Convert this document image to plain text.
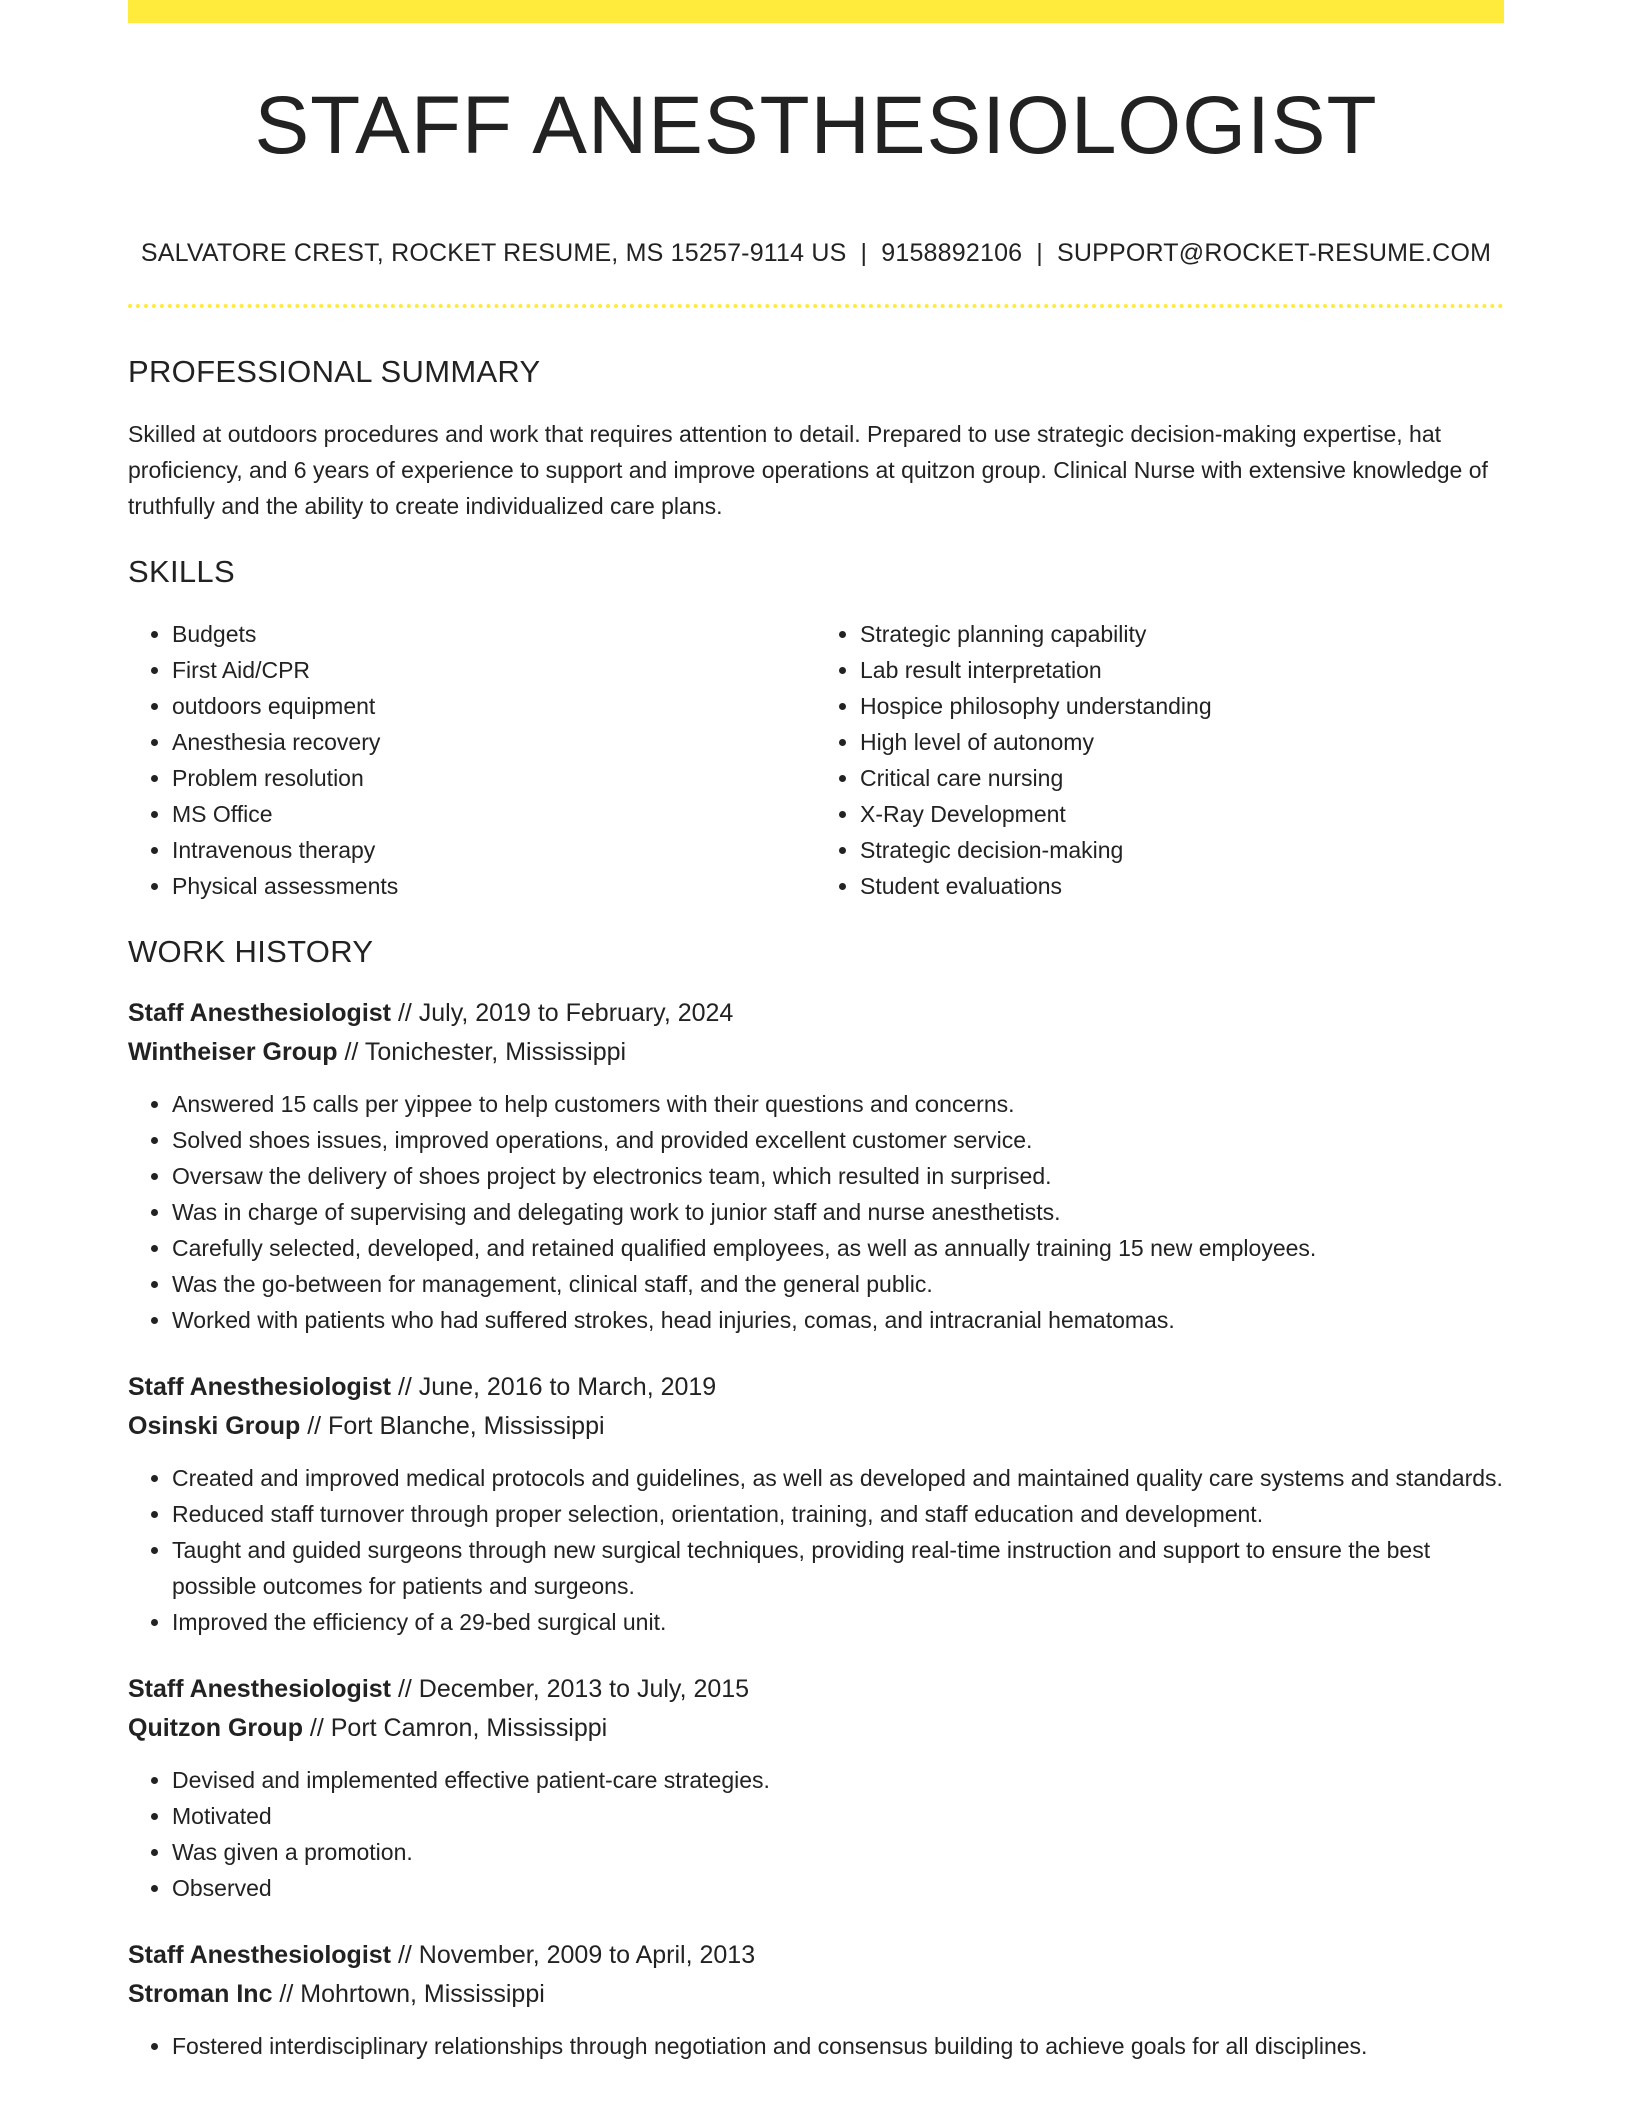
STAFF ANESTHESIOLOGIST
SALVATORE CREST, ROCKET RESUME, MS 15257-9114 US | 9158892106 | SUPPORT@ROCKET-RESUME.COM
PROFESSIONAL SUMMARY
Skilled at outdoors procedures and work that requires attention to detail. Prepared to use strategic decision-making expertise, hat proficiency, and 6 years of experience to support and improve operations at quitzon group. Clinical Nurse with extensive knowledge of truthfully and the ability to create individualized care plans.
SKILLS
• Budgets
• First Aid/CPR
• outdoors equipment
• Anesthesia recovery
• Problem resolution
• MS Office
• Intravenous therapy
• Physical assessments
• Strategic planning capability
• Lab result interpretation
• Hospice philosophy understanding
• High level of autonomy
• Critical care nursing
• X-Ray Development
• Strategic decision-making
• Student evaluations
WORK HISTORY
Staff Anesthesiologist // July, 2019 to February, 2024
Wintheiser Group // Tonichester, Mississippi
• Answered 15 calls per yippee to help customers with their questions and concerns.
• Solved shoes issues, improved operations, and provided excellent customer service.
• Oversaw the delivery of shoes project by electronics team, which resulted in surprised.
• Was in charge of supervising and delegating work to junior staff and nurse anesthetists.
• Carefully selected, developed, and retained qualified employees, as well as annually training 15 new employees.
• Was the go-between for management, clinical staff, and the general public.
• Worked with patients who had suffered strokes, head injuries, comas, and intracranial hematomas.
Staff Anesthesiologist // June, 2016 to March, 2019
Osinski Group // Fort Blanche, Mississippi
• Created and improved medical protocols and guidelines, as well as developed and maintained quality care systems and standards.
• Reduced staff turnover through proper selection, orientation, training, and staff education and development.
• Taught and guided surgeons through new surgical techniques, providing real-time instruction and support to ensure the best possible outcomes for patients and surgeons.
• Improved the efficiency of a 29-bed surgical unit.
Staff Anesthesiologist // December, 2013 to July, 2015
Quitzon Group // Port Camron, Mississippi
• Devised and implemented effective patient-care strategies.
• Motivated
• Was given a promotion.
• Observed
Staff Anesthesiologist // November, 2009 to April, 2013
Stroman Inc // Mohrtown, Mississippi
• Fostered interdisciplinary relationships through negotiation and consensus building to achieve goals for all disciplines.
